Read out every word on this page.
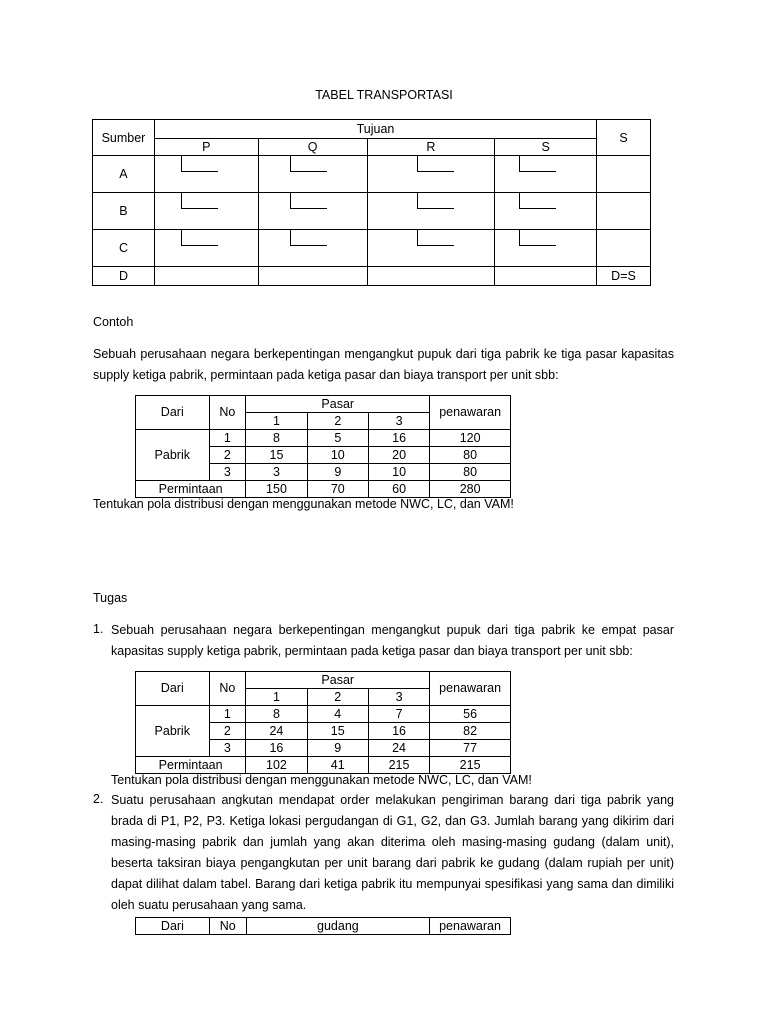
TABEL TRANSPORTASI
Sumber	Tujuan				S
	P	Q	R	S	
A	

B	

C	

D					D=S
Contoh

Sebuah perusahaan negara berkepentingan mengangkut pupuk dari tiga pabrik ke tiga pasar kapasitas supply ketiga pabrik, permintaan pada ketiga pasar dan biaya transport per unit sbb:

Dari	No	Pasar			penawaran
		1	2	3	
Pabrik	1	8	5	16	120
	2	15	10	20	80
	3	3	9	10	80
Permintaan		150	70	60	280
Tentukan pola distribusi dengan menggunakan metode NWC, LC, dan VAM!
Tugas
1. Sebuah perusahaan negara berkepentingan mengangkut pupuk dari tiga pabrik ke empat pasar kapasitas supply ketiga pabrik, permintaan pada ketiga pasar dan biaya transport per unit sbb:

Dari	No	Pasar			penawaran
		1	2	3	
Pabrik	1	8	4	7	56
	2	24	15	16	82
	3	16	9	24	77
Permintaan		102	41	215	215
Tentukan pola distribusi dengan menggunakan metode NWC, LC, dan VAM!
2. Suatu perusahaan angkutan mendapat order melakukan pengiriman barang dari tiga pabrik yang brada di P1, P2, P3. Ketiga lokasi pergudangan di G1, G2, dan G3. Jumlah barang yang dikirim dari masing-masing pabrik dan jumlah yang akan diterima oleh masing-masing gudang (dalam unit), beserta taksiran biaya pengangkutan per unit barang dari pabrik ke gudang (dalam rupiah per unit) dapat dilihat dalam tabel. Barang dari ketiga pabrik itu mempunyai spesifikasi yang sama dan dimiliki oleh suatu perusahaan yang sama.

Dari	No	gudang	penawaran
